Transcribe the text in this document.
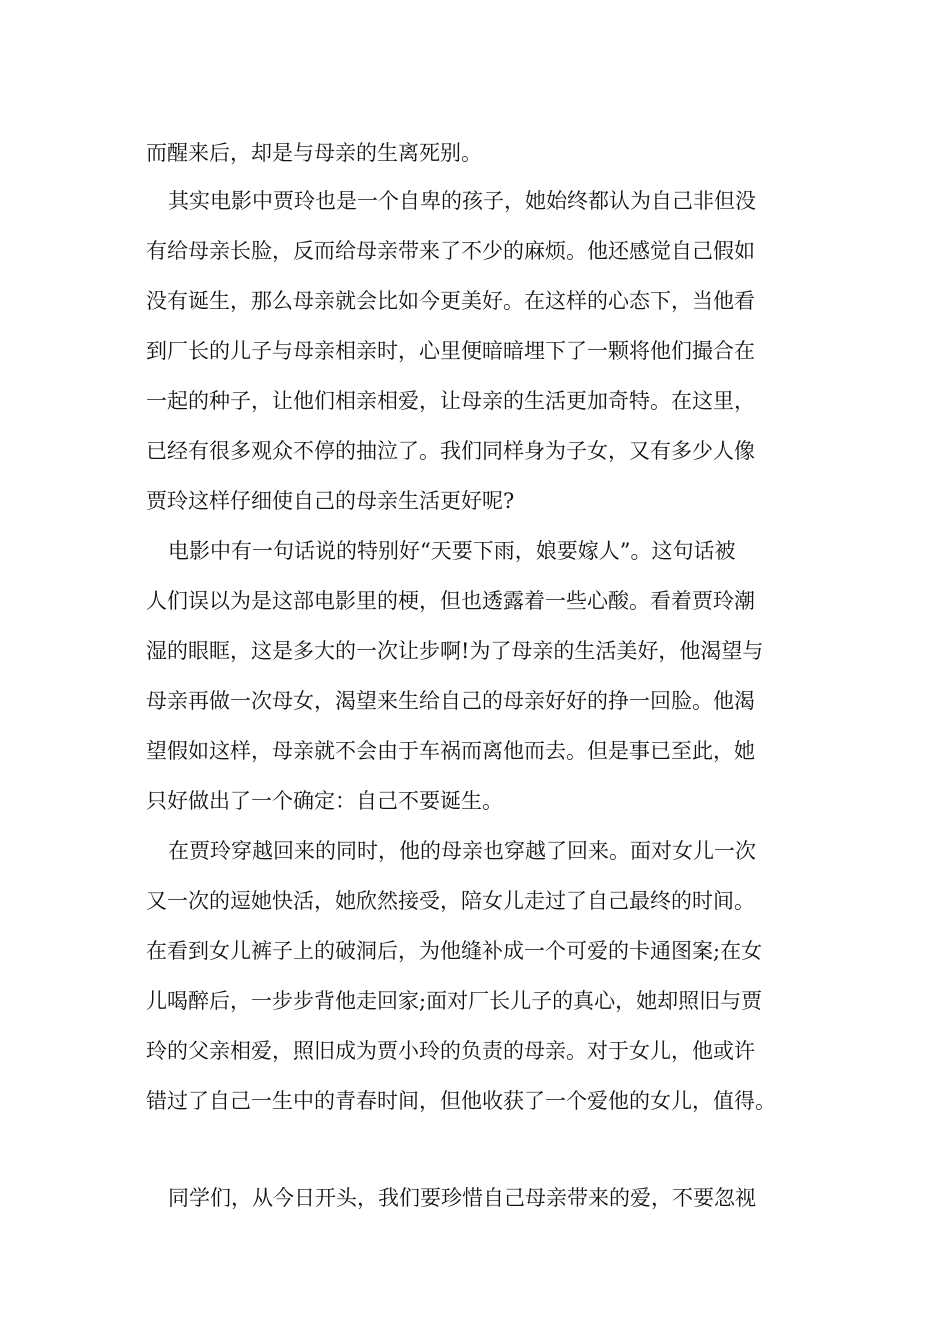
而醒来后，却是与母亲的生离死别。
其实电影中贾玲也是一个自卑的孩子，她始终都认为自己非但没
有给母亲长脸，反而给母亲带来了不少的麻烦。他还感觉自己假如
没有诞生，那么母亲就会比如今更美好。在这样的心态下，当他看
到厂长的儿子与母亲相亲时，心里便暗暗埋下了一颗将他们撮合在
一起的种子，让他们相亲相爱，让母亲的生活更加奇特。在这里，
已经有很多观众不停的抽泣了。我们同样身为子女，又有多少人像
贾玲这样仔细使自己的母亲生活更好呢?
电影中有一句话说的特别好“天要下雨，娘要嫁人”。这句话被
人们误以为是这部电影里的梗，但也透露着一些心酸。看着贾玲潮
湿的眼眶，这是多大的一次让步啊!为了母亲的生活美好，他渴望与
母亲再做一次母女，渴望来生给自己的母亲好好的挣一回脸。他渴
望假如这样，母亲就不会由于车祸而离他而去。但是事已至此，她
只好做出了一个确定：自己不要诞生。
在贾玲穿越回来的同时，他的母亲也穿越了回来。面对女儿一次
又一次的逗她快活，她欣然接受，陪女儿走过了自己最终的时间。
在看到女儿裤子上的破洞后，为他缝补成一个可爱的卡通图案;在女
儿喝醉后，一步步背他走回家;面对厂长儿子的真心，她却照旧与贾
玲的父亲相爱，照旧成为贾小玲的负责的母亲。对于女儿，他或许
错过了自己一生中的青春时间，但他收获了一个爱他的女儿，值得。
同学们，从今日开头，我们要珍惜自己母亲带来的爱，不要忽视
